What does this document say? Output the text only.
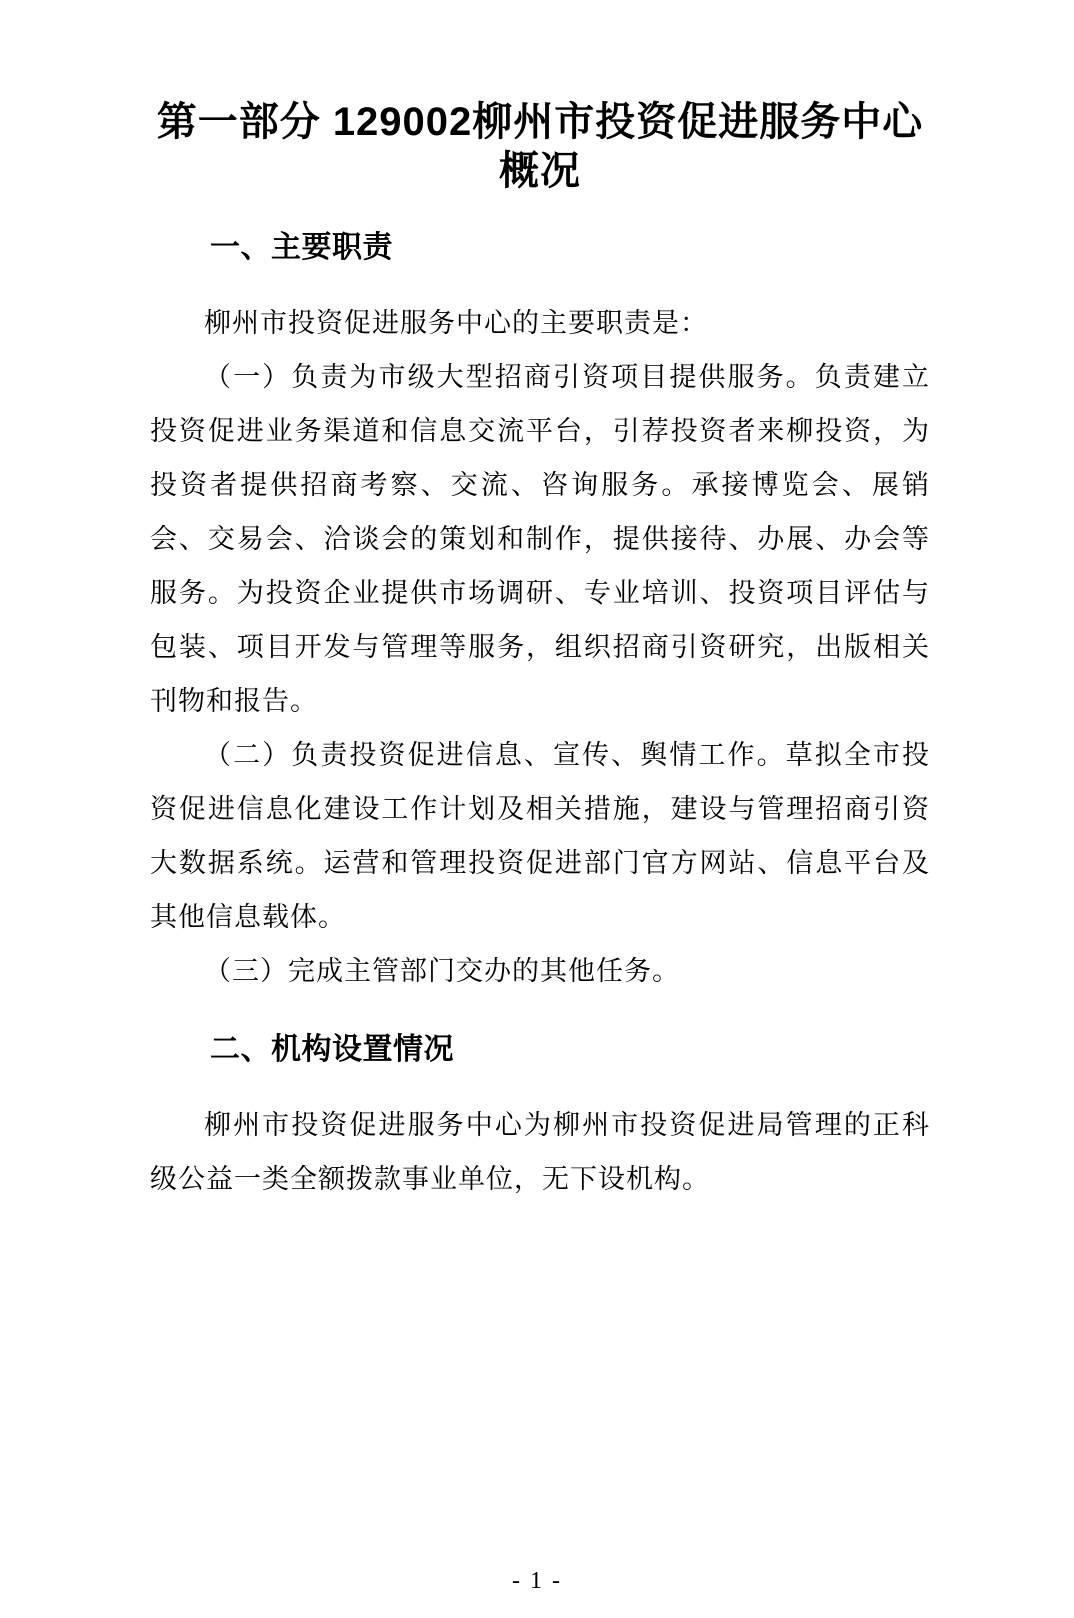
第一部分 129002柳州市投资促进服务中心
概况
一、主要职责

柳州市投资促进服务中心的主要职责是：

（一）负责为市级大型招商引资项目提供服务。负责建立投资促进业务渠道和信息交流平台，引荐投资者来柳投资，为投资者提供招商考察、交流、咨询服务。承接博览会、展销会、交易会、洽谈会的策划和制作，提供接待、办展、办会等服务。为投资企业提供市场调研、专业培训、投资项目评估与包装、项目开发与管理等服务，组织招商引资研究，出版相关刊物和报告。

（二）负责投资促进信息、宣传、舆情工作。草拟全市投资促进信息化建设工作计划及相关措施，建设与管理招商引资大数据系统。运营和管理投资促进部门官方网站、信息平台及其他信息载体。

（三）完成主管部门交办的其他任务。

二、机构设置情况

柳州市投资促进服务中心为柳州市投资促进局管理的正科级公益一类全额拨款事业单位，无下设机构。

- 1 -
